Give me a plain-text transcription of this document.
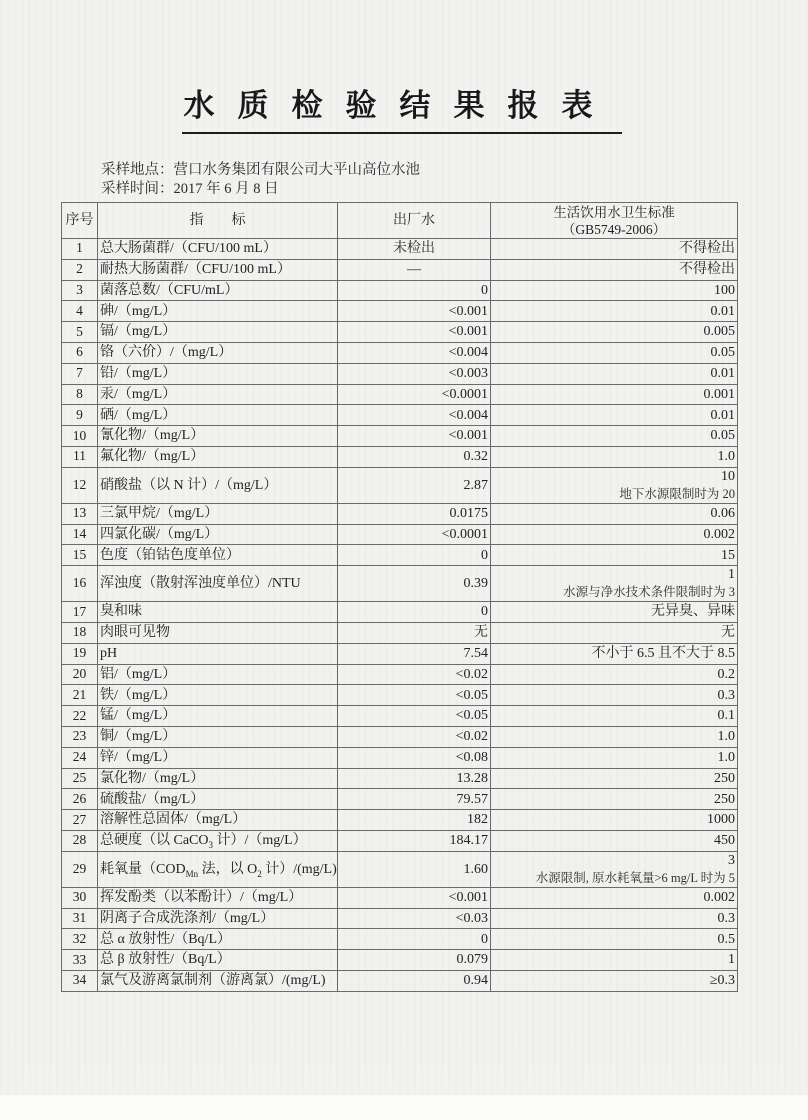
水质检验结果报表
采样地点：营口水务集团有限公司大平山高位水池
采样时间：2017 年 6 月 8 日
序号	指　　标	出厂水	生活饮用水卫生标准
（GB5749-2006）

1	总大肠菌群/（CFU/100 mL）	未检出	不得检出
2	耐热大肠菌群/（CFU/100 mL）	—	不得检出
3	菌落总数/（CFU/mL）	0	100
4	砷/（mg/L）	<0.001	0.01
5	镉/（mg/L）	<0.001	0.005
6	铬（六价）/（mg/L）	<0.004	0.05
7	铅/（mg/L）	<0.003	0.01
8	汞/（mg/L）	<0.0001	0.001
9	硒/（mg/L）	<0.004	0.01
10	氰化物/（mg/L）	<0.001	0.05
11	氟化物/（mg/L）	0.32	1.0
12	硝酸盐（以 N 计）/（mg/L）	2.87	10
地下水源限制时为 20

13	三氯甲烷/（mg/L）	0.0175	0.06
14	四氯化碳/（mg/L）	<0.0001	0.002
15	色度（铂钴色度单位）	0	15
16	浑浊度（散射浑浊度单位）/NTU	0.39	1
水源与净水技术条件限制时为 3

17	臭和味	0	无异臭、异味
18	肉眼可见物	无	无
19	pH	7.54	不小于 6.5 且不大于 8.5
20	铝/（mg/L）	<0.02	0.2
21	铁/（mg/L）	<0.05	0.3
22	锰/（mg/L）	<0.05	0.1
23	铜/（mg/L）	<0.02	1.0
24	锌/（mg/L）	<0.08	1.0
25	氯化物/（mg/L）	13.28	250
26	硫酸盐/（mg/L）	79.57	250
27	溶解性总固体/（mg/L）	182	1000
28	总硬度（以 CaCO$_3$ 计）/（mg/L）	184.17	450
29	耗氧量（$COD_{Mn}$ 法，以 $O_2$ 计）/(mg/L)	1.60	3
水源限制, 原水耗氧量>6 mg/L 时为 5

30	挥发酚类（以苯酚计）/（mg/L）	<0.001	0.002
31	阴离子合成洗涤剂/（mg/L）	<0.03	0.3
32	总 α 放射性/（Bq/L）	0	0.5
33	总 β 放射性/（Bq/L）	0.079	1
34	氯气及游离氯制剂（游离氯）/(mg/L)	0.94	≥0.3
